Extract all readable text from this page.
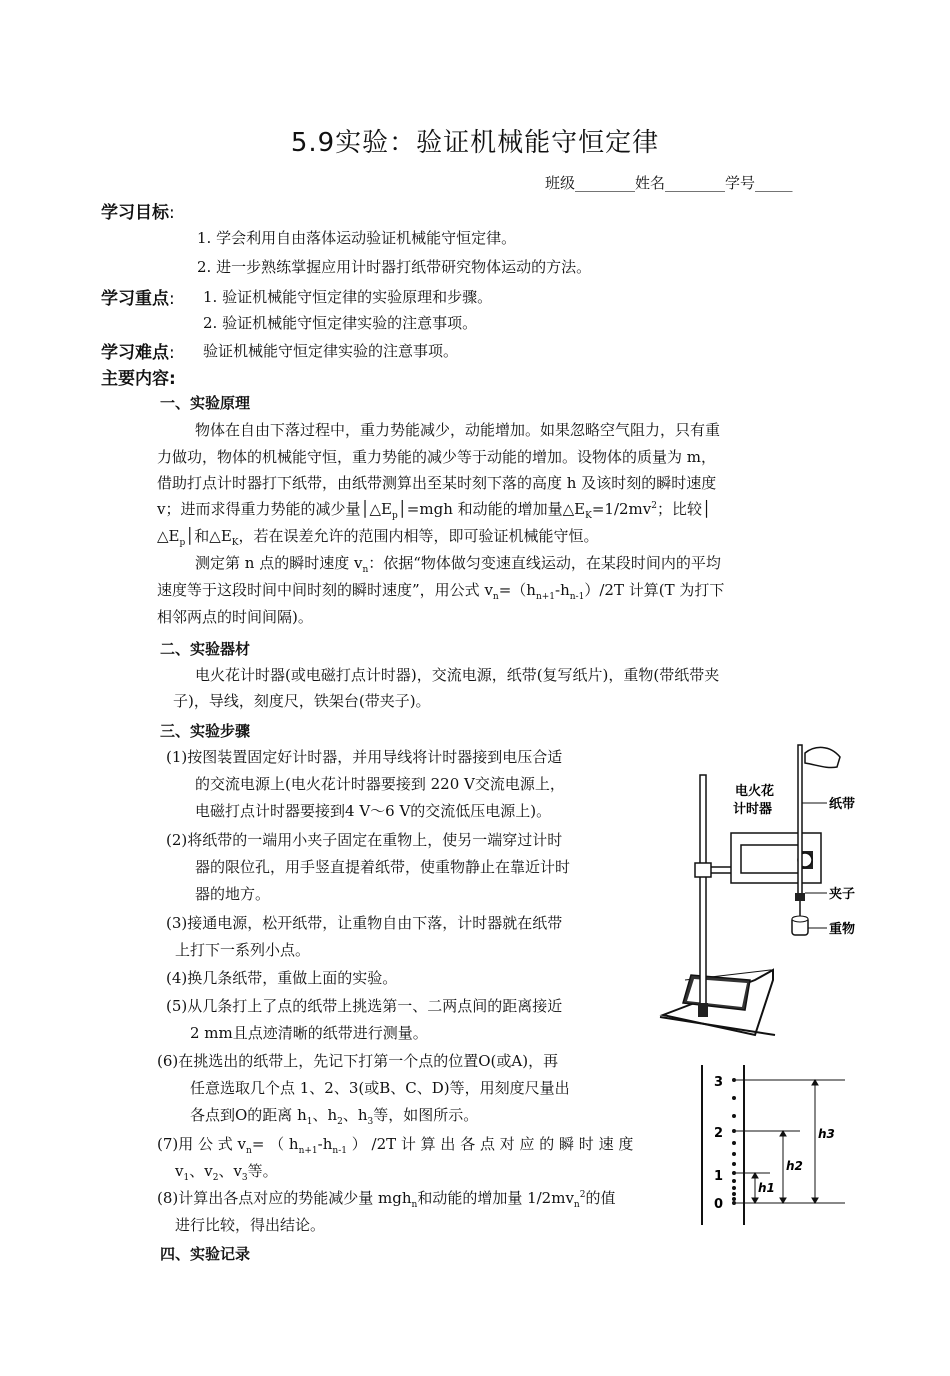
5.9实验：验证机械能守恒定律
班级________姓名________学号_____
学习目标:
1. 学会利用自由落体运动验证机械能守恒定律。
2. 进一步熟练掌握应用计时器打纸带研究物体运动的方法。
学习重点: 1. 验证机械能守恒定律的实验原理和步骤。
2. 验证机械能守恒定律实验的注意事项。
学习难点: 验证机械能守恒定律实验的注意事项。
主要内容:
一、实验原理
物体在自由下落过程中，重力势能减少，动能增加。如果忽略空气阻力，只有重
力做功，物体的机械能守恒，重力势能的减少等于动能的增加。设物体的质量为 m，
借助打点计时器打下纸带，由纸带测算出至某时刻下落的高度 h 及该时刻的瞬时速度
v；进而求得重力势能的减少量$│\triangle E_p│=mgh$ 和动能的增加量$\triangle E_K=1/2mv^2$；比较│
$\triangle E_p│$和$\triangle E_K$，若在误差允许的范围内相等，即可验证机械能守恒。
测定第 n 点的瞬时速度 $v_n$：依据“物体做匀变速直线运动，在某段时间内的平均
速度等于这段时间中间时刻的瞬时速度”，用公式 $v_n=(h_{n+1}-h_{n-1})/2T$ 计算(T 为打下
相邻两点的时间间隔)。
二、实验器材
电火花计时器(或电磁打点计时器)，交流电源，纸带(复写纸片)，重物(带纸带夹
子)，导线，刻度尺，铁架台(带夹子)。
三、实验步骤
(1)按图装置固定好计时器，并用导线将计时器接到电压合适
的交流电源上(电火花计时器要接到 220 V交流电源上，
电磁打点计时器要接到4 V～6 V的交流低压电源上)。
(2)将纸带的一端用小夹子固定在重物上，使另一端穿过计时
器的限位孔，用手竖直提着纸带，使重物静止在靠近计时
器的地方。
(3)接通电源，松开纸带，让重物自由下落，计时器就在纸带
上打下一系列小点。
(4)换几条纸带，重做上面的实验。
(5)从几条打上了点的纸带上挑选第一、二两点间的距离接近
2 mm且点迹清晰的纸带进行测量。
(6)在挑选出的纸带上，先记下打第一个点的位置O(或A)，再
任意选取几个点 1、2、3(或B、C、D)等，用刻度尺量出
各点到O的距离 $h_1$、$h_2$、$h_3$等，如图所示。
(7)用 公 式 $v_n=$ （ $h_{n+1}-h_{n-1}$ ） /2T 计 算 出 各 点 对 应 的 瞬 时 速 度
$v_1$、$v_2$、$v_3$等。
(8)计算出各点对应的势能减少量 mgh$_n$和动能的增加量 $1/2mv_n^2$的值
进行比较，得出结论。
四、实验记录
电火花
计时器	纸带
夹子
重物
3
2
1
0
h1
h2
h3
